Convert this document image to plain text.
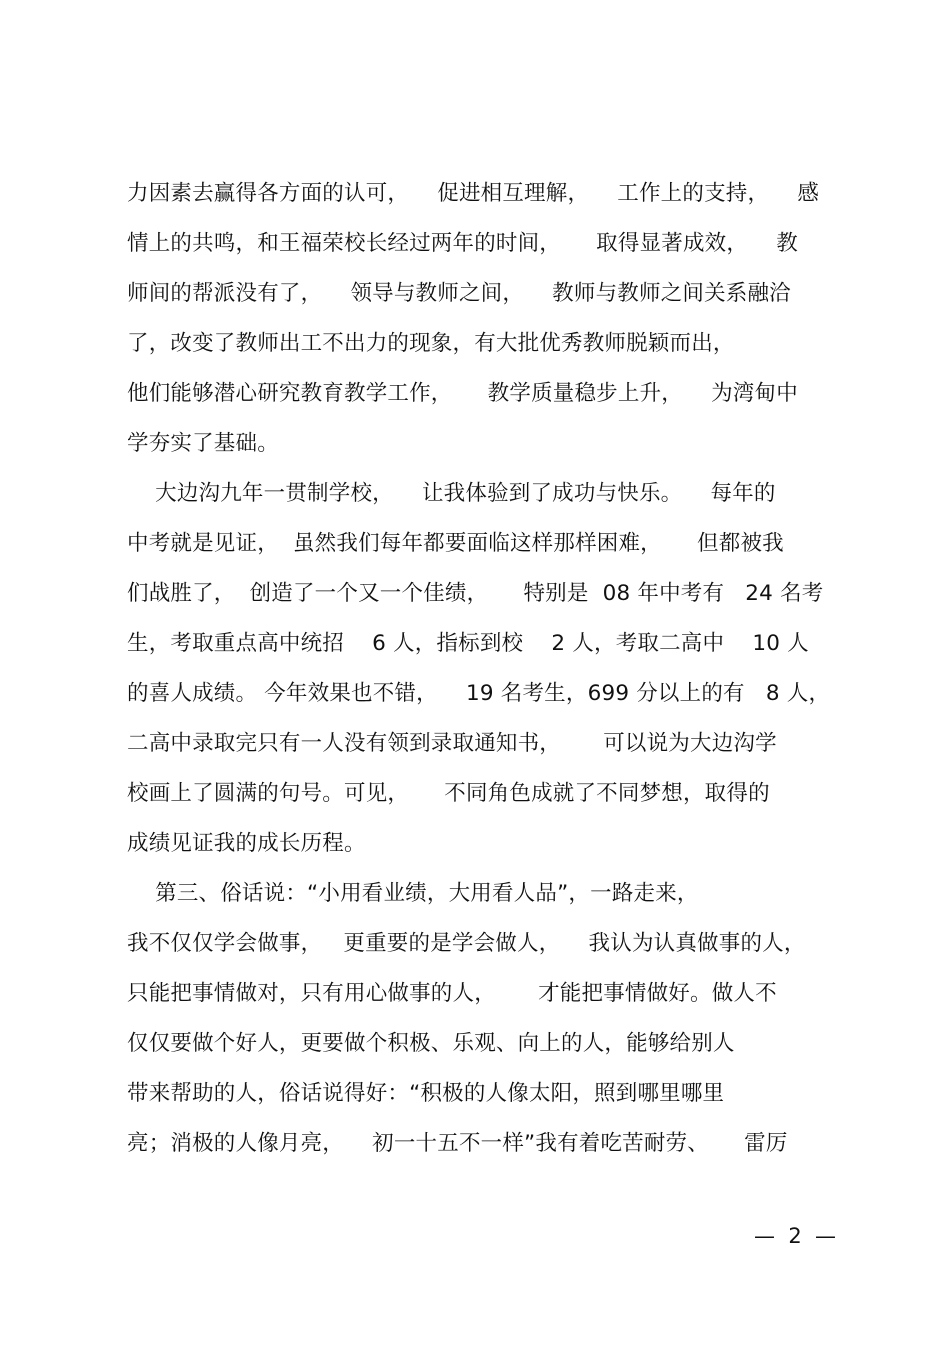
力因素去赢得各方面的认可，    促进相互理解，    工作上的支持，    感
情上的共鸣，和王福荣校长经过两年的时间，     取得显著成效，    教
师间的帮派没有了，    领导与教师之间，    教师与教师之间关系融洽
了，改变了教师出工不出力的现象，有大批优秀教师脱颖而出，
他们能够潜心研究教育教学工作，     教学质量稳步上升，    为湾甸中
学夯实了基础。
大边沟九年一贯制学校，    让我体验到了成功与快乐。    每年的
中考就是见证，  虽然我们每年都要面临这样那样困难，     但都被我
们战胜了，  创造了一个又一个佳绩，     特别是  08 年中考有   24 名考
生，考取重点高中统招    6 人，指标到校    2 人，考取二高中    10 人
的喜人成绩。 今年效果也不错，    19 名考生，699 分以上的有   8 人，
二高中录取完只有一人没有领到录取通知书，      可以说为大边沟学
校画上了圆满的句号。可见，     不同角色成就了不同梦想，取得的
成绩见证我的成长历程。
第三、俗话说：“小用看业绩，大用看人品”，一路走来，
我不仅仅学会做事，   更重要的是学会做人，    我认为认真做事的人，
只能把事情做对，只有用心做事的人，      才能把事情做好。做人不
仅仅要做个好人，更要做个积极、乐观、向上的人，能够给别人
带来帮助的人，俗话说得好：“积极的人像太阳，照到哪里哪里
亮；消极的人像月亮，    初一十五不一样”我有着吃苦耐劳、     雷厉
—  2  —
